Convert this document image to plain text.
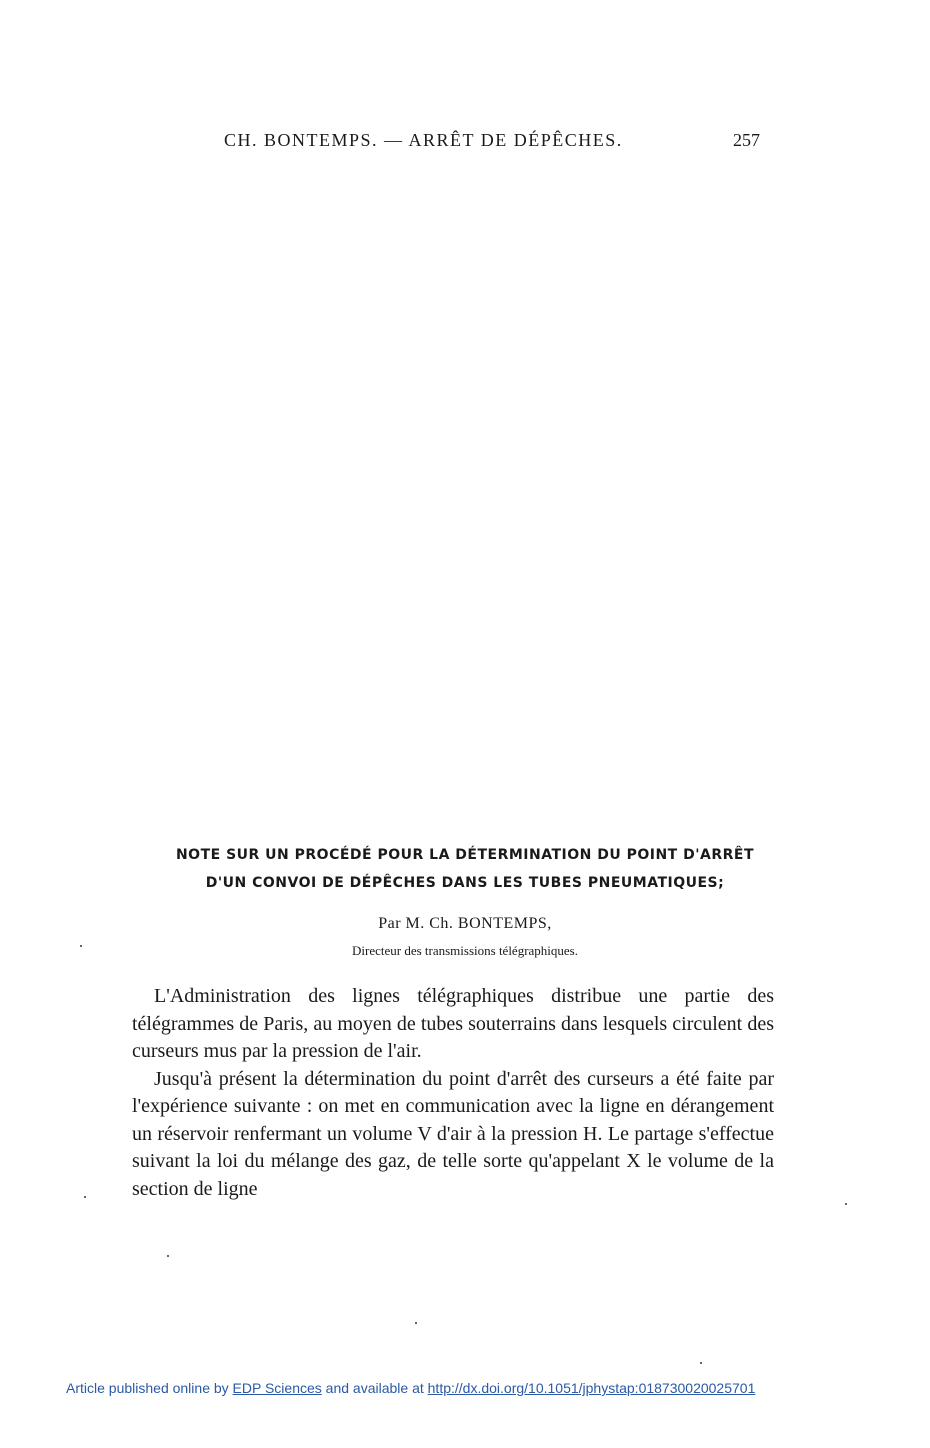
CH. BONTEMPS. — ARRÊT DE DÉPÊCHES.	257
NOTE SUR UN PROCÉDÉ POUR LA DÉTERMINATION DU POINT D'ARRÊT
D'UN CONVOI DE DÉPÊCHES DANS LES TUBES PNEUMATIQUES;
Par M. Ch. BONTEMPS,
Directeur des transmissions télégraphiques.

L'Administration des lignes télégraphiques distribue une partie des télégrammes de Paris, au moyen de tubes souterrains dans lesquels circulent des curseurs mus par la pression de l'air.

Jusqu'à présent la détermination du point d'arrêt des curseurs a été faite par l'expérience suivante : on met en communication avec la ligne en dérangement un réservoir renfermant un volume V d'air à la pression H. Le partage s'effectue suivant la loi du mélange des gaz, de telle sorte qu'appelant X le volume de la section de ligne

Article published online by EDP Sciences and available at http://dx.doi.org/10.1051/jphystap:018730020025701
